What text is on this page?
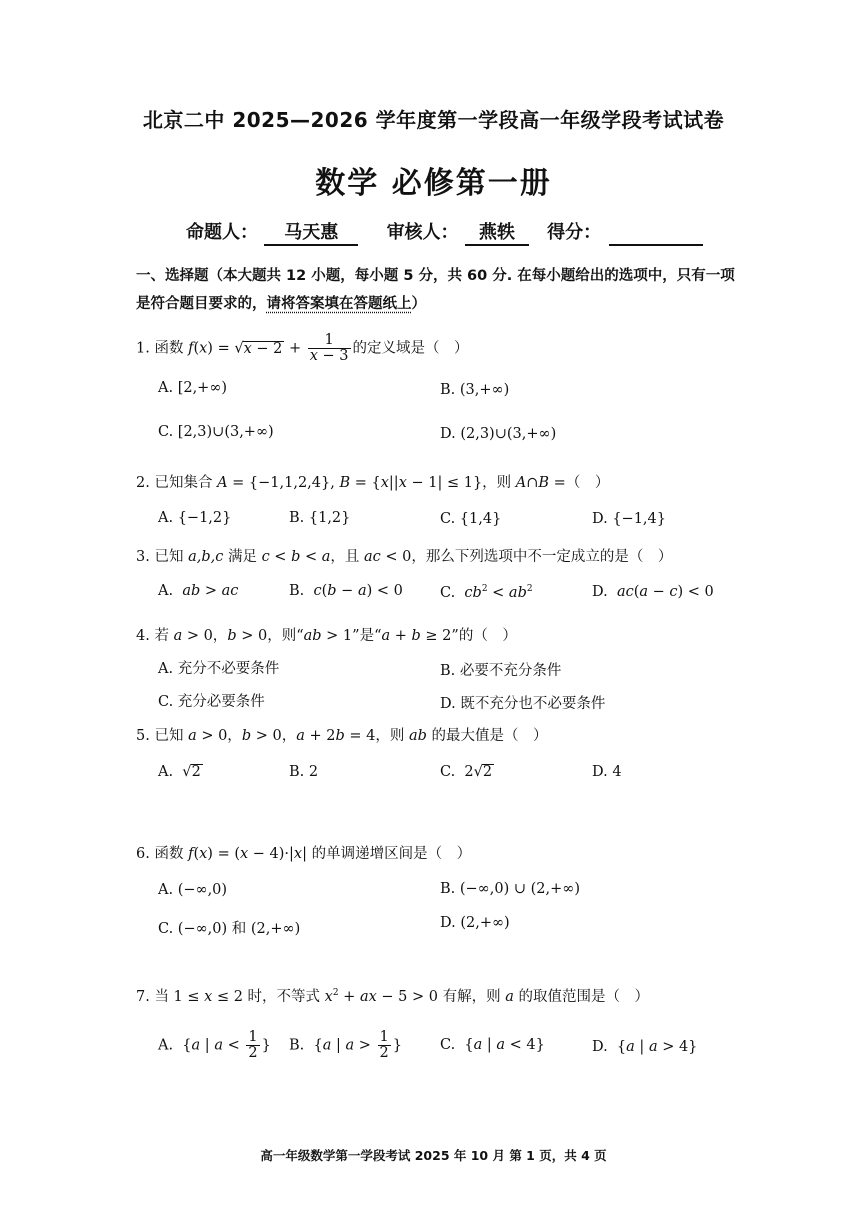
北京二中 2025—2026 学年度第一学段高一年级学段考试试卷
数学 必修第一册
命题人： 马天惠	审核人： 燕轶 得分：
一、选择题（本大题共 12 小题，每小题 5 分，共 60 分. 在每小题给出的选项中，只有一项
是符合题目要求的，请将答案填在答题纸上）
1. 函数 $f(x) = √x - 2 + \frac{1}{x - 3}$ 的定义域是（　）
A. [2,+∞)	B. (3,+∞)
C. [2,3)∪(3,+∞)	D. (2,3)∪(3,+∞)
2. 已知集合 A = {−1,1,2,4}, B = {x||x − 1| ≤ 1}，则 A∩B =（　）
A. {−1,2}	B. {1,2}	C. {1,4}	D. {−1,4}
3. 已知 a,b,c 满足 c < b < a，且 ac < 0，那么下列选项中不一定成立的是（　）
A. ab > ac	B. c(b − a) < 0	C. $cb^2 < ab^2$	D. ac(a − c) < 0
4. 若 a > 0，b > 0，则“ab > 1”是“a + b ≥ 2”的（　）
A. 充分不必要条件	B. 必要不充分条件
C. 充分必要条件	D. 既不充分也不必要条件
5. 已知 a > 0，b > 0，a + 2b = 4，则 ab 的最大值是（　）
A.  √2	B. 2	C.  2√2	D. 4
6. 函数 f(x) = (x − 4)·|x| 的单调递增区间是（　）
A. (−∞,0)	B. (−∞,0) ∪ (2,+∞)
C. (−∞,0) 和 (2,+∞)	D. (2,+∞)
7. 当 1 ≤ x ≤ 2 时，不等式 $x^2$ + ax − 5 > 0 有解，则 a 的取值范围是（　）
A.  {a | $a < \frac{1}{2}$ } B.  {a | $a > \frac{1}{2}$ }	C.  {a | a < 4}	D.  {a | a > 4}
高一年级数学第一学段考试 2025 年 10 月 第 1 页，共 4 页
